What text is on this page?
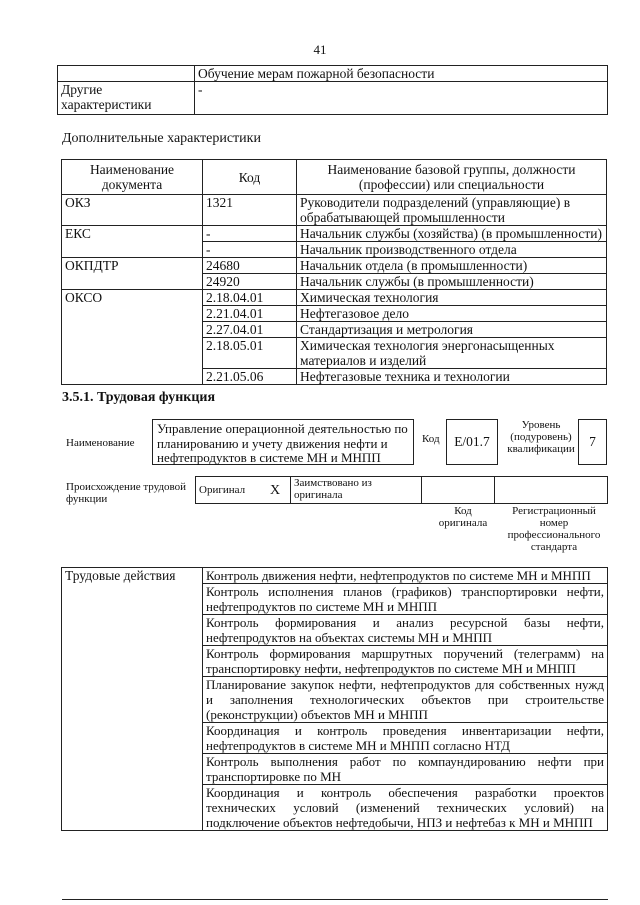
41
	Обучение мерам пожарной безопасности
Другие характеристики	-
Дополнительные характеристики
Наименование документа	Код	Наименование базовой группы, должности (профессии) или специальности
ОКЗ	1321	Руководители подразделений (управляющие) в обрабатывающей промышленности
ЕКС	-	Начальник службы (хозяйства) (в промышленности)
	-	Начальник производственного отдела
ОКПДТР	24680	Начальник отдела (в промышленности)
	24920	Начальник службы (в промышленности)
ОКСО	2.18.04.01	Химическая технология
	2.21.04.01	Нефтегазовое дело
	2.27.04.01	Стандартизация и метрология
	2.18.05.01	Химическая технология энергонасыщенных материалов и изделий
	2.21.05.06	Нефтегазовые техника и технологии
3.5.1. Трудовая функция
Наименование
Управление операционной деятельностью по планированию и учету движения нефти и нефтепродуктов в системе МН и МНПП
Код	E/01.7
Уровень (подуровень) квалификации	7
Происхождение трудовой функции
Оригинал	X	Заимствовано из оригинала		
Код оригинала
Регистрационный номер профессионального стандарта
Трудовые действия	Контроль движения нефти, нефтепродуктов по системе МН и МНПП
Контроль исполнения планов (графиков) транспортировки нефти, нефтепродуктов по системе МН и МНПП
Контроль формирования и анализ ресурсной базы нефти, нефтепродуктов на объектах системы МН и МНПП
Контроль формирования маршрутных поручений (телеграмм) на транспортировку нефти, нефтепродуктов по системе МН и МНПП
Планирование закупок нефти, нефтепродуктов для собственных нужд и заполнения технологических объектов при строительстве (реконструкции) объектов МН и МНПП
Координация и контроль проведения инвентаризации нефти, нефтепродуктов в системе МН и МНПП согласно НТД
Контроль выполнения работ по компаундированию нефти при транспортировке по МН
Координация и контроль обеспечения разработки проектов технических условий (изменений технических условий) на подключение объектов нефтедобычи, НПЗ и нефтебаз к МН и МНПП
